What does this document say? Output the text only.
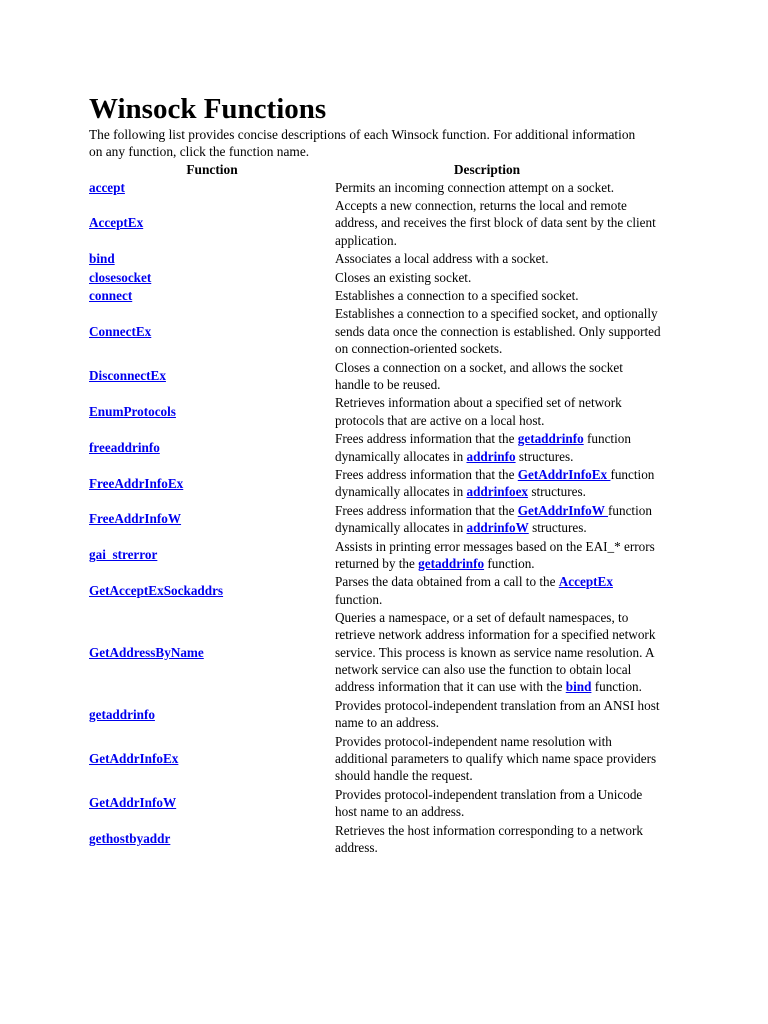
Winsock Functions

The following list provides concise descriptions of each Winsock function. For additional information on any function, click the function name.

Function	Description
accept	Permits an incoming connection attempt on a socket.
AcceptEx	Accepts a new connection, returns the local and remote address, and receives the first block of data sent by the client application.
bind	Associates a local address with a socket.
closesocket	Closes an existing socket.
connect	Establishes a connection to a specified socket.
ConnectEx	Establishes a connection to a specified socket, and optionally sends data once the connection is established. Only supported on connection-oriented sockets.
DisconnectEx	Closes a connection on a socket, and allows the socket handle to be reused.
EnumProtocols	Retrieves information about a specified set of network protocols that are active on a local host.
freeaddrinfo	Frees address information that the getaddrinfo function dynamically allocates in addrinfo structures.
FreeAddrInfoEx	Frees address information that the GetAddrInfoEx function dynamically allocates in addrinfoex structures.
FreeAddrInfoW	Frees address information that the GetAddrInfoW function dynamically allocates in addrinfoW structures.
gai_strerror	Assists in printing error messages based on the EAI_* errors returned by the getaddrinfo function.
GetAcceptExSockaddrs	Parses the data obtained from a call to the AcceptEx function.
GetAddressByName	Queries a namespace, or a set of default namespaces, to retrieve network address information for a specified network service. This process is known as service name resolution. A network service can also use the function to obtain local address information that it can use with the bind function.
getaddrinfo	Provides protocol-independent translation from an ANSI host name to an address.
GetAddrInfoEx	Provides protocol-independent name resolution with additional parameters to qualify which name space providers should handle the request.
GetAddrInfoW	Provides protocol-independent translation from a Unicode host name to an address.
gethostbyaddr	Retrieves the host information corresponding to a network address.
